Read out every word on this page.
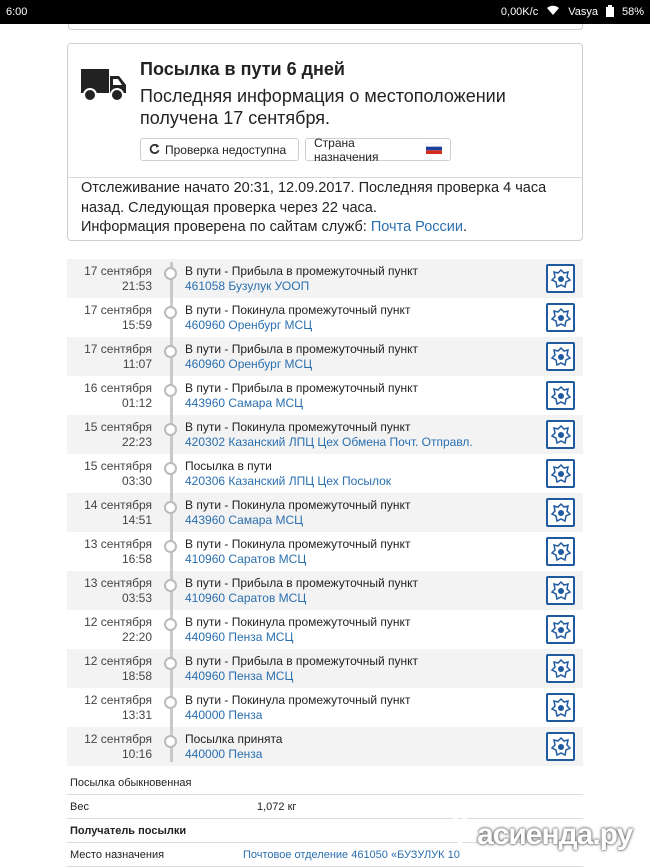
6:00	0,00K/c	Vasya 58%
Посылка в пути 6 дней
Последняя информация о местоположении получена 17 сентября.
Проверка недоступна Страна назначения
Отслеживание начато 20:31, 12.09.2017. Последняя проверка 4 часа назад. Следующая проверка через 22 часа.
Информация проверена по сайтам служб: Почта России.
17 сентября
21:53
В пути - Прибыла в промежуточный пункт
461058 Бузулук УООП
17 сентября
15:59
В пути - Покинула промежуточный пункт
460960 Оренбург МСЦ
17 сентября
11:07
В пути - Прибыла в промежуточный пункт
460960 Оренбург МСЦ
16 сентября
01:12
В пути - Прибыла в промежуточный пункт
443960 Самара МСЦ
15 сентября
22:23
В пути - Покинула промежуточный пункт
420302 Казанский ЛПЦ Цех Обмена Почт. Отправл.
15 сентября
03:30
Посылка в пути
420306 Казанский ЛПЦ Цех Посылок
14 сентября
14:51
В пути - Покинула промежуточный пункт
443960 Самара МСЦ
13 сентября
16:58
В пути - Покинула промежуточный пункт
410960 Саратов МСЦ
13 сентября
03:53
В пути - Прибыла в промежуточный пункт
410960 Саратов МСЦ
12 сентября
22:20
В пути - Покинула промежуточный пункт
440960 Пенза МСЦ
12 сентября
18:58
В пути - Прибыла в промежуточный пункт
440960 Пенза МСЦ
12 сентября
13:31
В пути - Покинула промежуточный пункт
440000 Пенза
12 сентября
10:16
Посылка принята
440000 Пенза
Посылка обыкновенная
Вес	1,072 кг
Получатель посылки
Место назначения	Почтовое отделение 461050 «БУЗУЛУК 10
асиенда.ру
